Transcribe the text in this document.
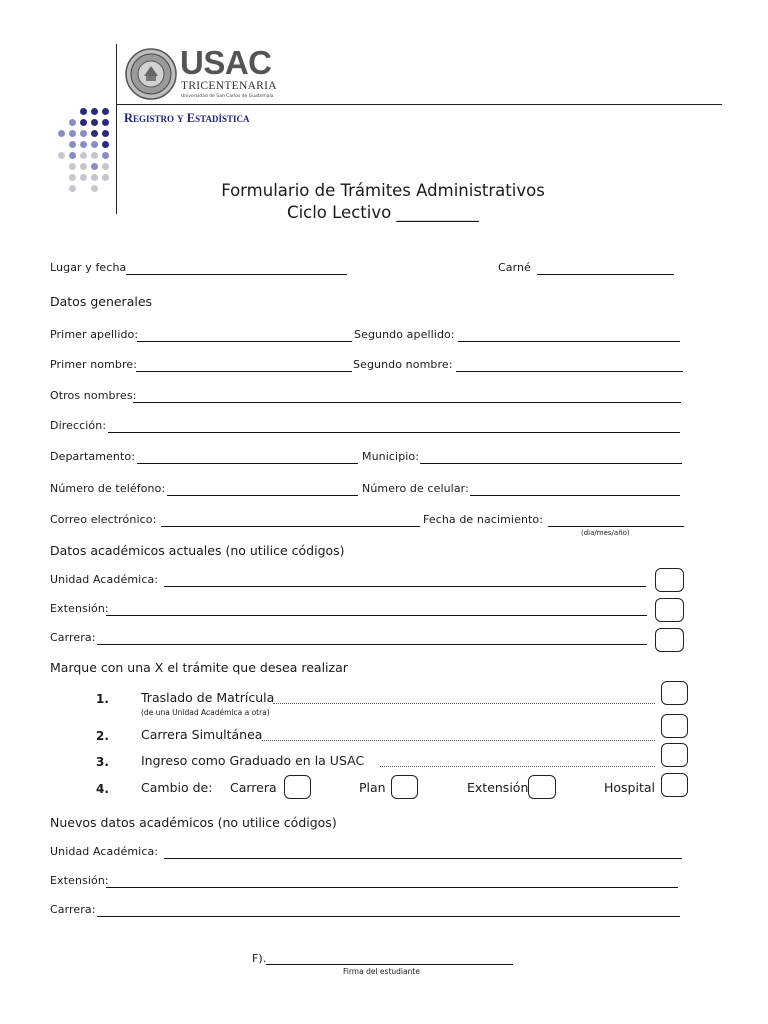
USAC
TRICENTENARIA
Universidad de San Carlos de Guatemala
Registro y Estadística
Formulario de Trámites Administrativos
Ciclo Lectivo __________
Lugar y fecha	Carné
Datos generales
Primer apellido:	Segundo apellido:
Primer nombre:	Segundo nombre:
Otros nombres:
Dirección:
Departamento:	Municipio:
Número de teléfono:	Número de celular:
Correo electrónico:	Fecha de nacimiento:
(dia/mes/año)
Datos académicos actuales (no utilice códigos)
Unidad Académica:
Extensión:
Carrera:
Marque con una X el trámite que desea realizar
1.	Traslado de Matrícula
(de una Unidad Académica a otra)
2.	Carrera Simultánea
3.	Ingreso como Graduado en la USAC
4.	Cambio de: Carrera	Plan	Extensión	Hospital
Nuevos datos académicos (no utilice códigos)
Unidad Académica:
Extensión:
Carrera:
F).
Firma del estudiante
